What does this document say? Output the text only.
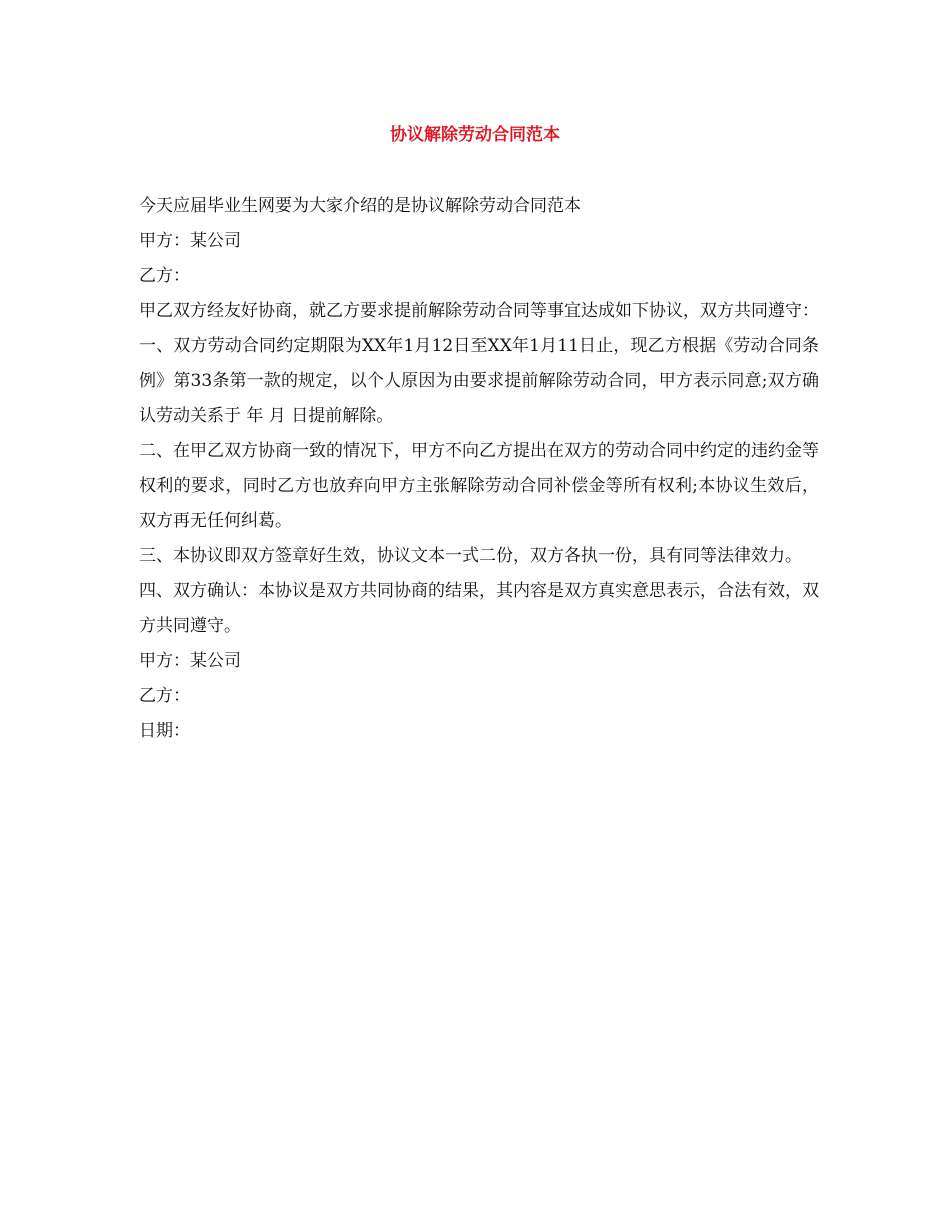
协议解除劳动合同范本

今天应届毕业生网要为大家介绍的是协议解除劳动合同范本

甲方：某公司

乙方：

甲乙双方经友好协商，就乙方要求提前解除劳动合同等事宜达成如下协议，双方共同遵守：

一、双方劳动合同约定期限为XX年1月12日至XX年1月11日止，现乙方根据《劳动合同条例》第33条第一款的规定，以个人原因为由要求提前解除劳动合同，甲方表示同意;双方确认劳动关系于 年 月 日提前解除。

二、在甲乙双方协商一致的情况下，甲方不向乙方提出在双方的劳动合同中约定的违约金等权利的要求，同时乙方也放弃向甲方主张解除劳动合同补偿金等所有权利;本协议生效后，双方再无任何纠葛。

三、本协议即双方签章好生效，协议文本一式二份，双方各执一份，具有同等法律效力。

四、双方确认：本协议是双方共同协商的结果，其内容是双方真实意思表示，合法有效，双方共同遵守。

甲方：某公司

乙方：

日期：
